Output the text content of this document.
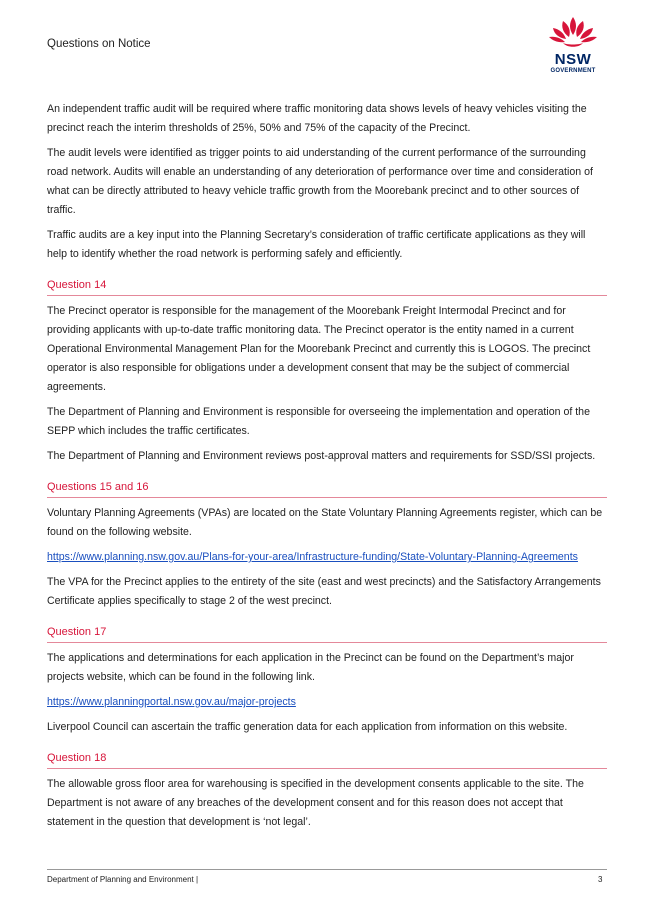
Questions on Notice
NSW
GOVERNMENT

An independent traffic audit will be required where traffic monitoring data shows levels of heavy vehicles visiting the precinct reach the interim thresholds of 25%, 50% and 75% of the capacity of the Precinct.

The audit levels were identified as trigger points to aid understanding of the current performance of the surrounding road network. Audits will enable an understanding of any deterioration of performance over time and consideration of what can be directly attributed to heavy vehicle traffic growth from the Moorebank precinct and to other sources of traffic.

Traffic audits are a key input into the Planning Secretary’s consideration of traffic certificate applications as they will help to identify whether the road network is performing safely and efficiently.

Question 14

The Precinct operator is responsible for the management of the Moorebank Freight Intermodal Precinct and for providing applicants with up-to-date traffic monitoring data. The Precinct operator is the entity named in a current Operational Environmental Management Plan for the Moorebank Precinct and currently this is LOGOS. The precinct operator is also responsible for obligations under a development consent that may be the subject of commercial agreements.

The Department of Planning and Environment is responsible for overseeing the implementation and operation of the SEPP which includes the traffic certificates.

The Department of Planning and Environment reviews post-approval matters and requirements for SSD/SSI projects.

Questions 15 and 16

Voluntary Planning Agreements (VPAs) are located on the State Voluntary Planning Agreements register, which can be found on the following website.

https://www.planning.nsw.gov.au/Plans-for-your-area/Infrastructure-funding/State-Voluntary-Planning-Agreements

The VPA for the Precinct applies to the entirety of the site (east and west precincts) and the Satisfactory Arrangements Certificate applies specifically to stage 2 of the west precinct.

Question 17

The applications and determinations for each application in the Precinct can be found on the Department’s major projects website, which can be found in the following link.

https://www.planningportal.nsw.gov.au/major-projects

Liverpool Council can ascertain the traffic generation data for each application from information on this website.

Question 18

The allowable gross floor area for warehousing is specified in the development consents applicable to the site. The Department is not aware of any breaches of the development consent and for this reason does not accept that statement in the question that development is ‘not legal’.

Department of Planning and Environment |	3
